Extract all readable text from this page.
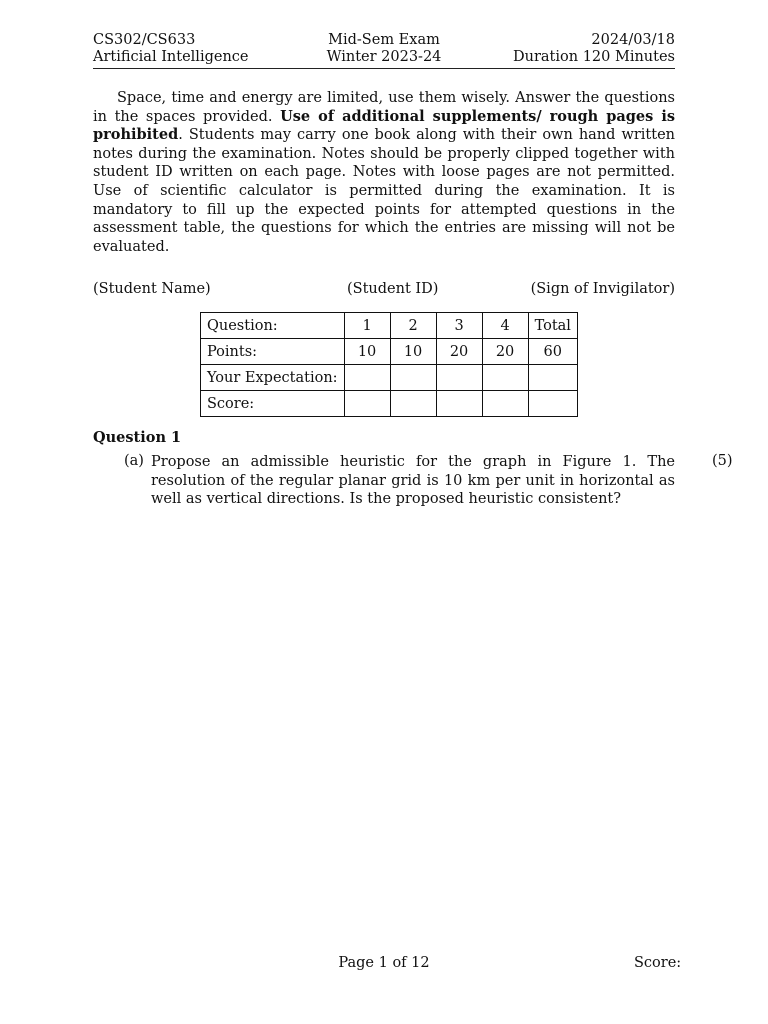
CS302/CS633	Mid-Sem Exam	2024/03/18
Artificial Intelligence	Winter 2023-24	Duration 120 Minutes

Space, time and energy are limited, use them wisely. Answer the questions in the spaces provided. Use of additional supplements/ rough pages is prohibited. Students may carry one book along with their own hand written notes during the examination. Notes should be properly clipped together with student ID written on each page. Notes with loose pages are not permitted. Use of scientific calculator is permitted during the examination. It is mandatory to fill up the expected points for attempted questions in the assessment table, the questions for which the entries are missing will not be evaluated.

(Student Name)	(Student ID)	(Sign of Invigilator)
Question:	1	2	3	4	Total
Points:	10	10	20	20	60
Your Expectation:					
Score:					
Question 1
(a) Propose an admissible heuristic for the graph in Figure 1. The resolution of the regular planar grid is 10 km per unit in horizontal as well as vertical directions. Is the proposed heuristic consistent?
(5)
Page 1 of 12	Score:
